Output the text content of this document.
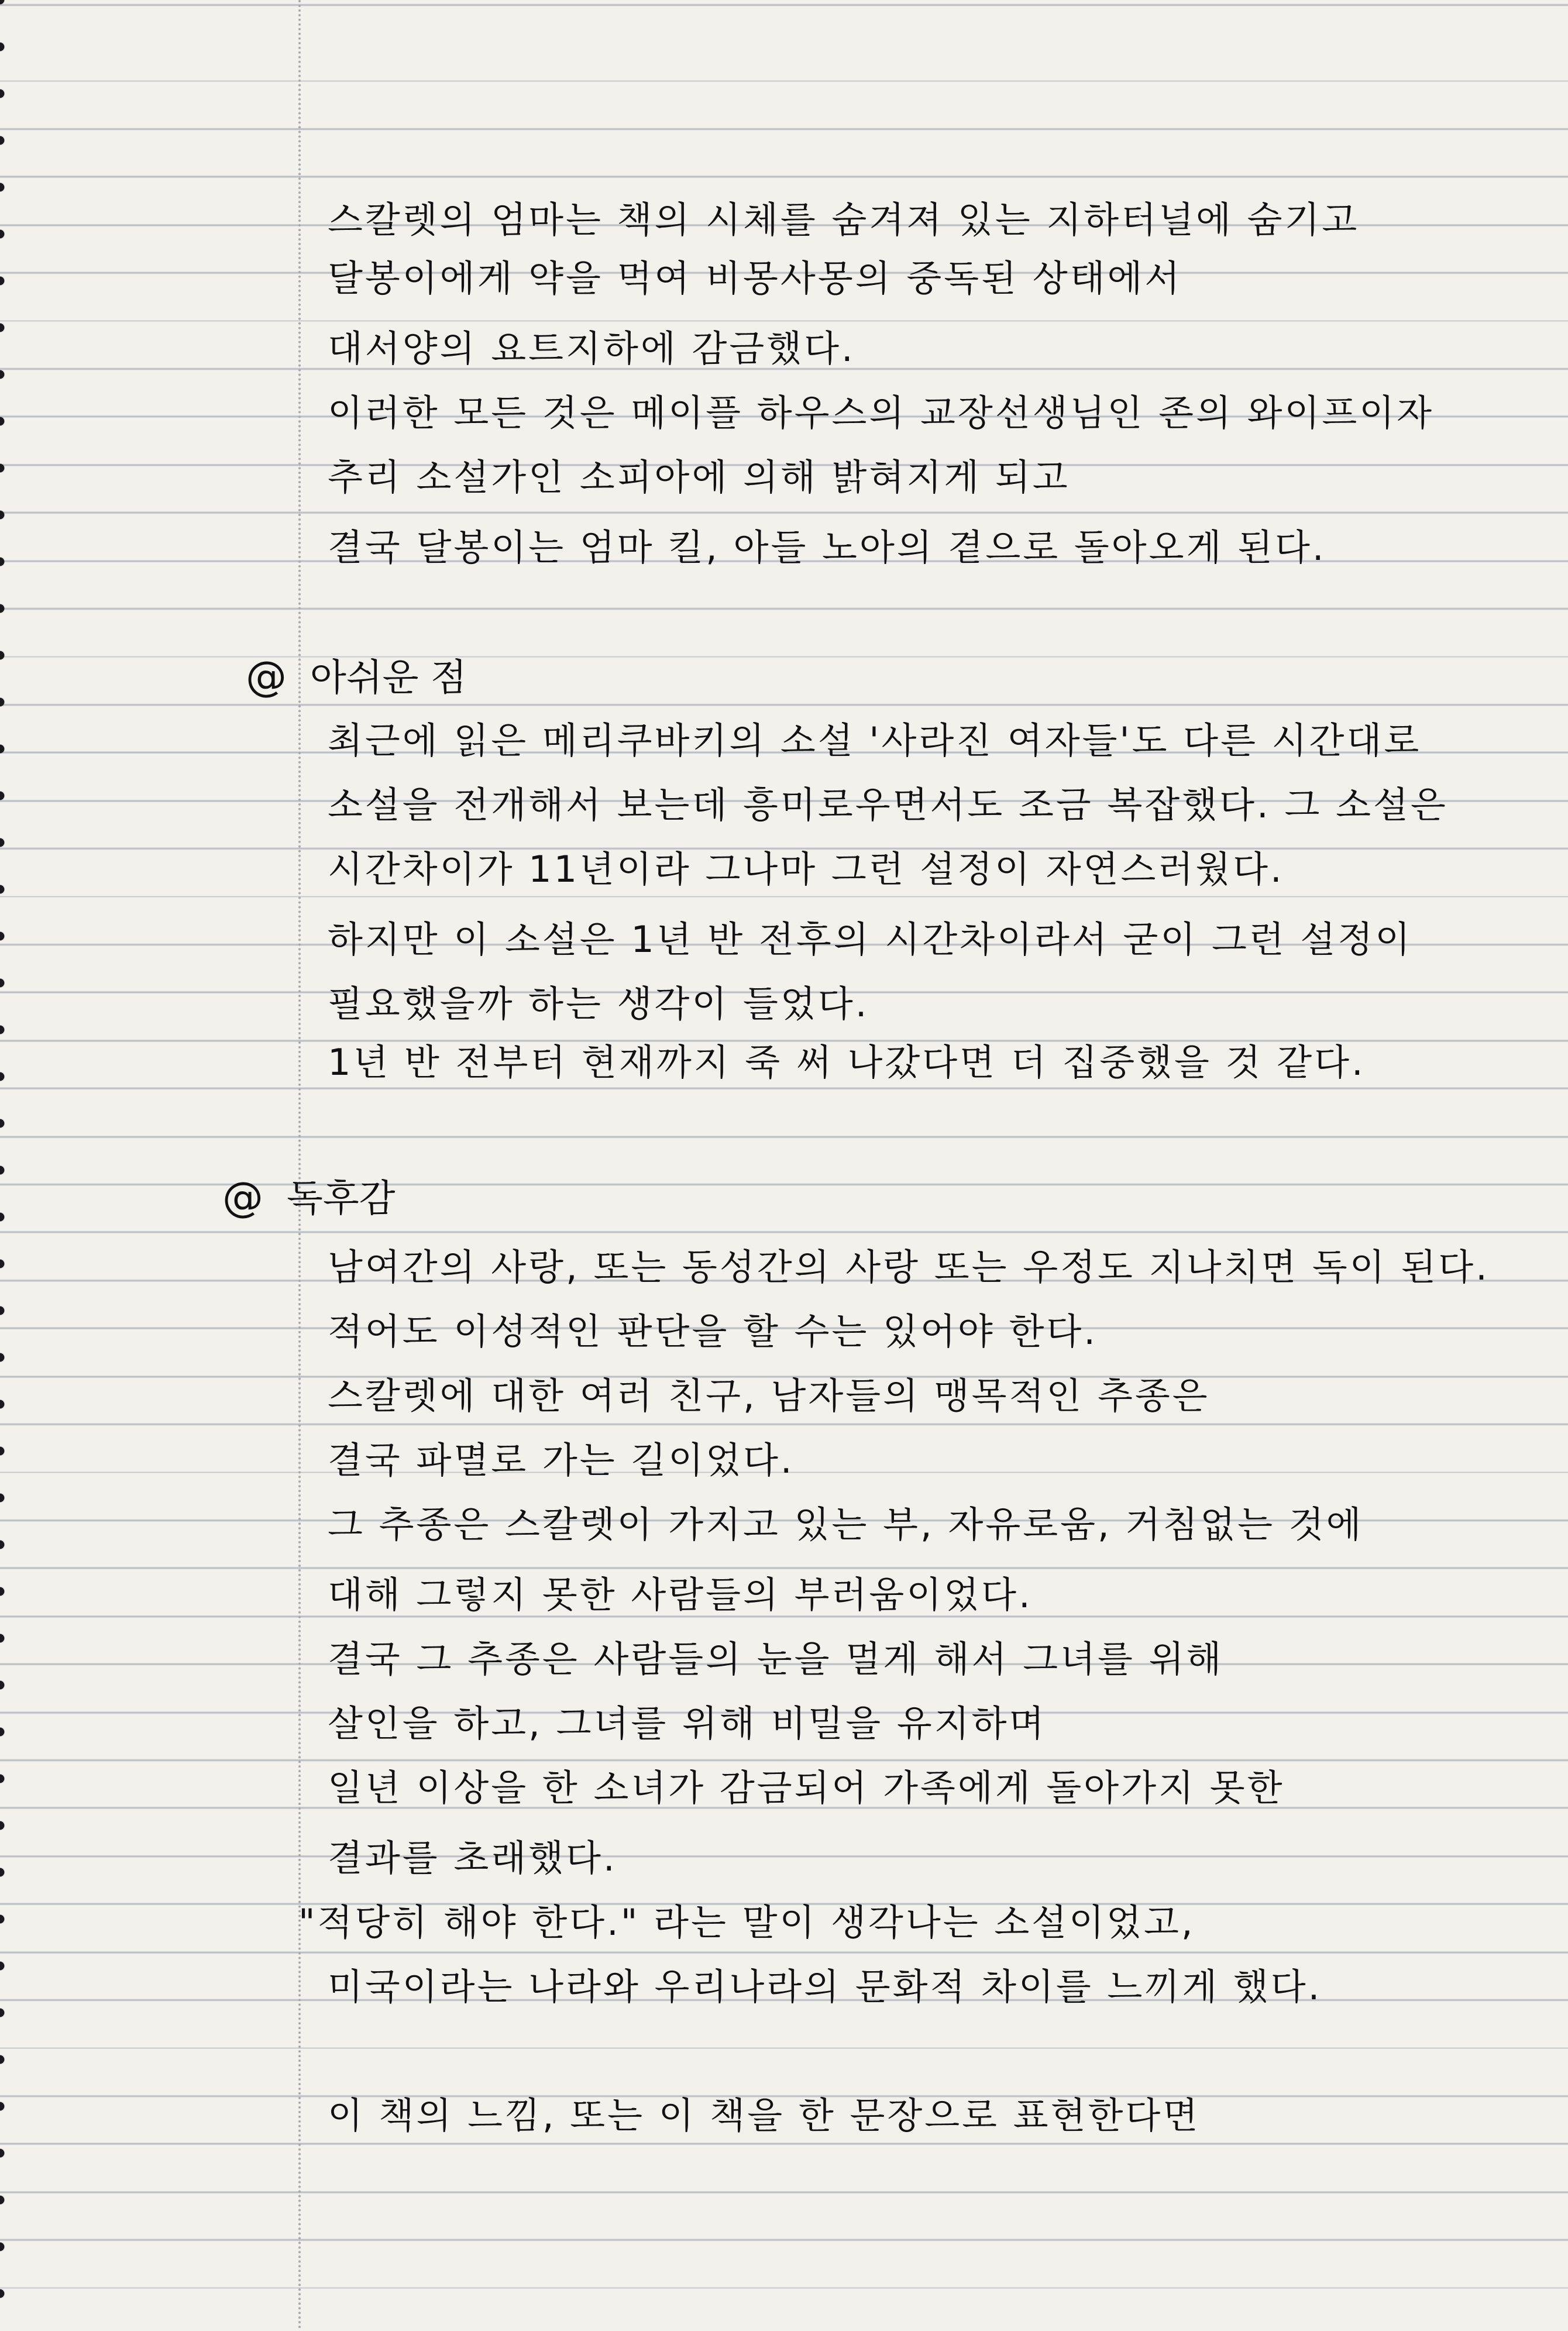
스칼렛의 엄마는 책의 시체를 숨겨져 있는 지하터널에 숨기고
달봉이에게 약을 먹여 비몽사몽의 중독된 상태에서
대서양의 요트지하에 감금했다.
이러한 모든 것은 메이플 하우스의 교장선생님인 존의 와이프이자
추리 소설가인 소피아에 의해 밝혀지게 되고
결국 달봉이는 엄마 킬, 아들 노아의 곁으로 돌아오게 된다.
@ 아쉬운 점
최근에 읽은 메리쿠바키의 소설 '사라진 여자들'도 다른 시간대로
소설을 전개해서 보는데 흥미로우면서도 조금 복잡했다. 그 소설은
시간차이가 11년이라 그나마 그런 설정이 자연스러웠다.
하지만 이 소설은 1년 반 전후의 시간차이라서 굳이 그런 설정이
필요했을까 하는 생각이 들었다.
1년 반 전부터 현재까지 죽 써 나갔다면 더 집중했을 것 같다.
@ 독후감
남여간의 사랑, 또는 동성간의 사랑 또는 우정도 지나치면 독이 된다.
적어도 이성적인 판단을 할 수는 있어야 한다.
스칼렛에 대한 여러 친구, 남자들의 맹목적인 추종은
결국 파멸로 가는 길이었다.
그 추종은 스칼렛이 가지고 있는 부, 자유로움, 거침없는 것에
대해 그렇지 못한 사람들의 부러움이었다.
결국 그 추종은 사람들의 눈을 멀게 해서 그녀를 위해
살인을 하고, 그녀를 위해 비밀을 유지하며
일년 이상을 한 소녀가 감금되어 가족에게 돌아가지 못한
결과를 초래했다.
"적당히 해야 한다." 라는 말이 생각나는 소설이었고,
미국이라는 나라와 우리나라의 문화적 차이를 느끼게 했다.
이 책의 느낌, 또는 이 책을 한 문장으로 표현한다면
